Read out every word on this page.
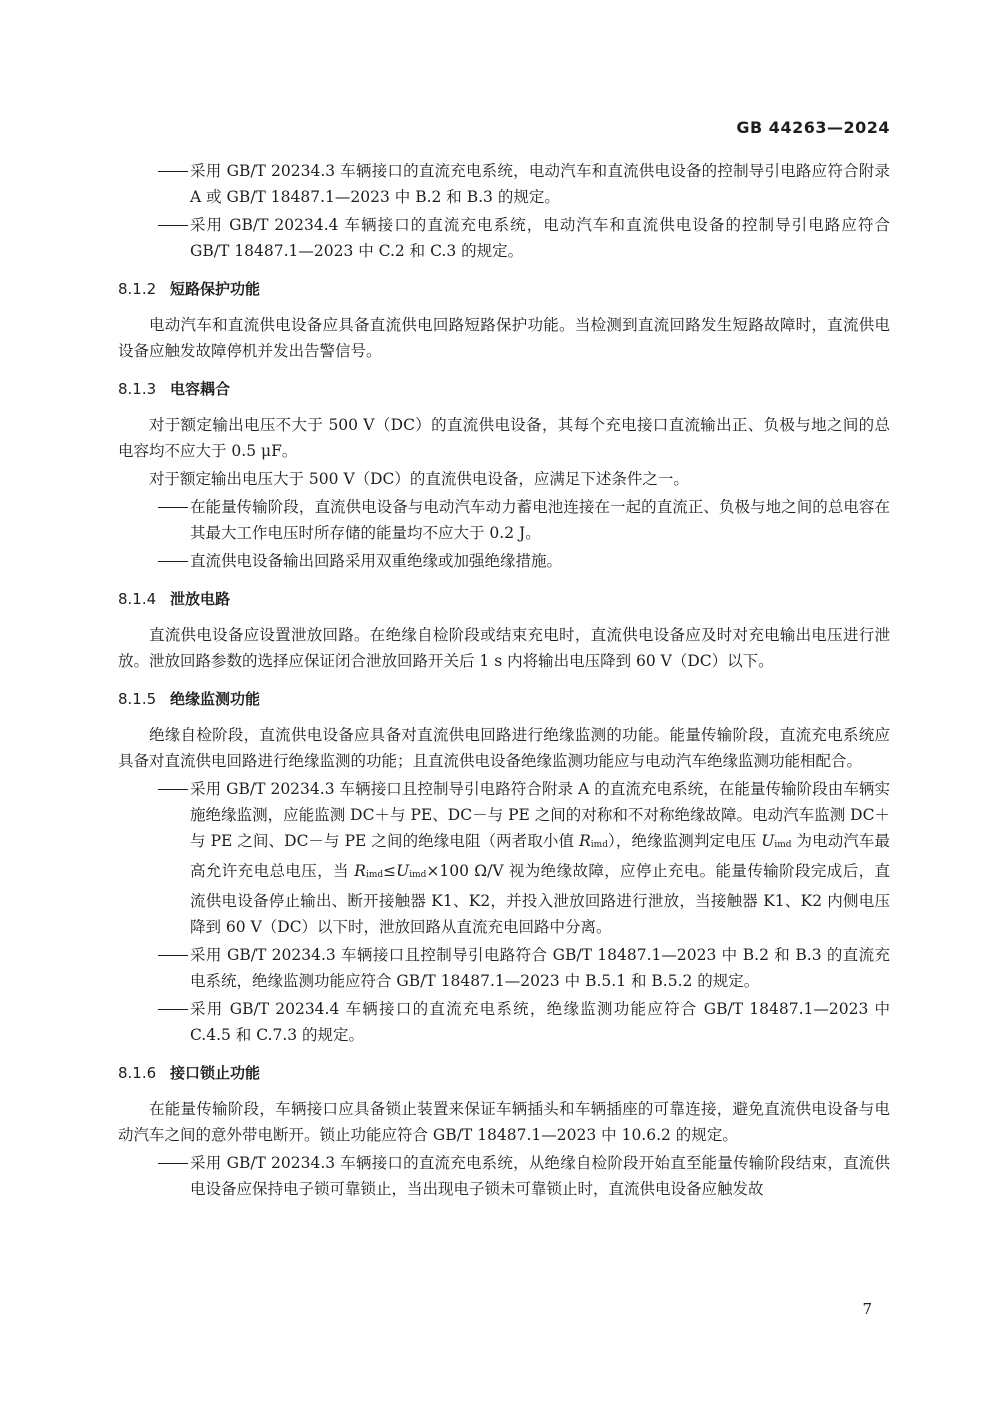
GB 44263—2024

采用 GB/T 20234.3 车辆接口的直流充电系统，电动汽车和直流供电设备的控制导引电路应符合附录 A 或 GB/T 18487.1—2023 中 B.2 和 B.3 的规定。

采用 GB/T 20234.4 车辆接口的直流充电系统，电动汽车和直流供电设备的控制导引电路应符合 GB/T 18487.1—2023 中 C.2 和 C.3 的规定。

8.1.2 短路保护功能

电动汽车和直流供电设备应具备直流供电回路短路保护功能。当检测到直流回路发生短路故障时，直流供电设备应触发故障停机并发出告警信号。

8.1.3 电容耦合

对于额定输出电压不大于 500 V（DC）的直流供电设备，其每个充电接口直流输出正、负极与地之间的总电容均不应大于 0.5 μF。

对于额定输出电压大于 500 V（DC）的直流供电设备，应满足下述条件之一。

在能量传输阶段，直流供电设备与电动汽车动力蓄电池连接在一起的直流正、负极与地之间的总电容在其最大工作电压时所存储的能量均不应大于 0.2 J。

直流供电设备输出回路采用双重绝缘或加强绝缘措施。

8.1.4 泄放电路

直流供电设备应设置泄放回路。在绝缘自检阶段或结束充电时，直流供电设备应及时对充电输出电压进行泄放。泄放回路参数的选择应保证闭合泄放回路开关后 1 s 内将输出电压降到 60 V（DC）以下。

8.1.5 绝缘监测功能

绝缘自检阶段，直流供电设备应具备对直流供电回路进行绝缘监测的功能。能量传输阶段，直流充电系统应具备对直流供电回路进行绝缘监测的功能；且直流供电设备绝缘监测功能应与电动汽车绝缘监测功能相配合。

采用 GB/T 20234.3 车辆接口且控制导引电路符合附录 A 的直流充电系统，在能量传输阶段由车辆实施绝缘监测，应能监测 DC＋与 PE、DC－与 PE 之间的对称和不对称绝缘故障。电动汽车监测 DC＋与 PE 之间、DC－与 PE 之间的绝缘电阻（两者取小值 $R_{imd}$），绝缘监测判定电压 $U_{imd}$ 为电动汽车最高允许充电总电压，当 $R_{imd}\le U_{imd}\times 100$ Ω/V 视为绝缘故障，应停止充电。能量传输阶段完成后，直流供电设备停止输出、断开接触器 K1、K2，并投入泄放回路进行泄放，当接触器 K1、K2 内侧电压降到 60 V（DC）以下时，泄放回路从直流充电回路中分离。

采用 GB/T 20234.3 车辆接口且控制导引电路符合 GB/T 18487.1—2023 中 B.2 和 B.3 的直流充电系统，绝缘监测功能应符合 GB/T 18487.1—2023 中 B.5.1 和 B.5.2 的规定。

采用 GB/T 20234.4 车辆接口的直流充电系统，绝缘监测功能应符合 GB/T 18487.1—2023 中 C.4.5 和 C.7.3 的规定。

8.1.6 接口锁止功能

在能量传输阶段，车辆接口应具备锁止装置来保证车辆插头和车辆插座的可靠连接，避免直流供电设备与电动汽车之间的意外带电断开。锁止功能应符合 GB/T 18487.1—2023 中 10.6.2 的规定。

采用 GB/T 20234.3 车辆接口的直流充电系统，从绝缘自检阶段开始直至能量传输阶段结束，直流供电设备应保持电子锁可靠锁止，当出现电子锁未可靠锁止时，直流供电设备应触发故

7
